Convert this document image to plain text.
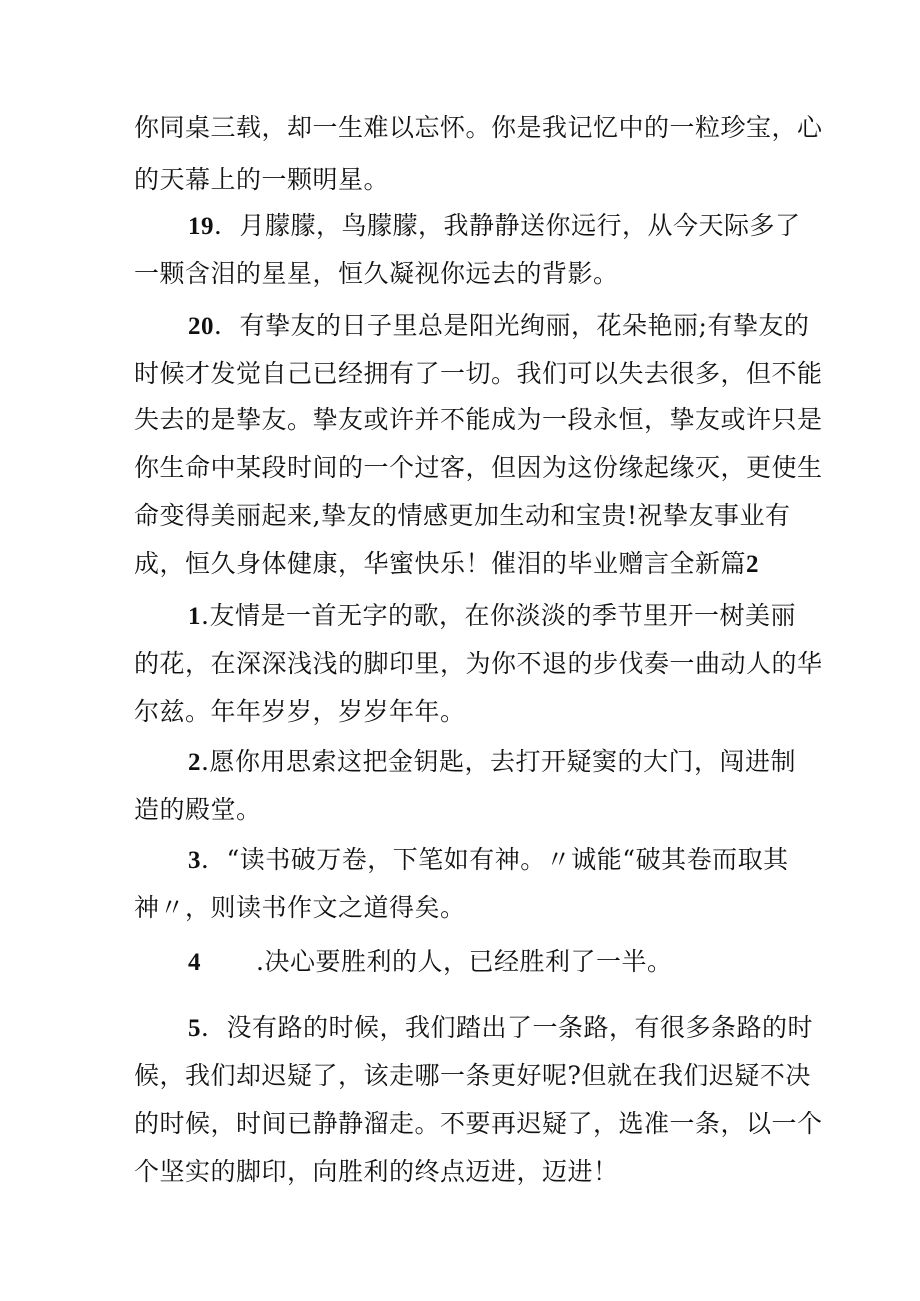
你同桌三载，却一生难以忘怀。你是我记忆中的一粒珍宝，心
的天幕上的一颗明星。
19．月朦朦，鸟朦朦，我静静送你远行，从今天际多了
一颗含泪的星星，恒久凝视你远去的背影。
20．有挚友的日子里总是阳光绚丽，花朵艳丽;有挚友的
时候才发觉自己已经拥有了一切。我们可以失去很多，但不能
失去的是挚友。挚友或许并不能成为一段永恒，挚友或许只是
你生命中某段时间的一个过客，但因为这份缘起缘灭，更使生
命变得美丽起来,挚友的情感更加生动和宝贵!祝挚友事业有
成，恒久身体健康，华蜜快乐！催泪的毕业赠言全新篇2
1.友情是一首无字的歌，在你淡淡的季节里开一树美丽
的花，在深深浅浅的脚印里，为你不退的步伐奏一曲动人的华
尔兹。年年岁岁，岁岁年年。
2.愿你用思索这把金钥匙，去打开疑窦的大门，闯进制
造的殿堂。
3．“读书破万卷，下笔如有神。〃诚能“破其卷而取其
神〃，则读书作文之道得矣。
4 .决心要胜利的人，已经胜利了一半。
5．没有路的时候，我们踏出了一条路，有很多条路的时
候，我们却迟疑了，该走哪一条更好呢?但就在我们迟疑不决
的时候，时间已静静溜走。不要再迟疑了，选准一条，以一个
个坚实的脚印，向胜利的终点迈进，迈进！
